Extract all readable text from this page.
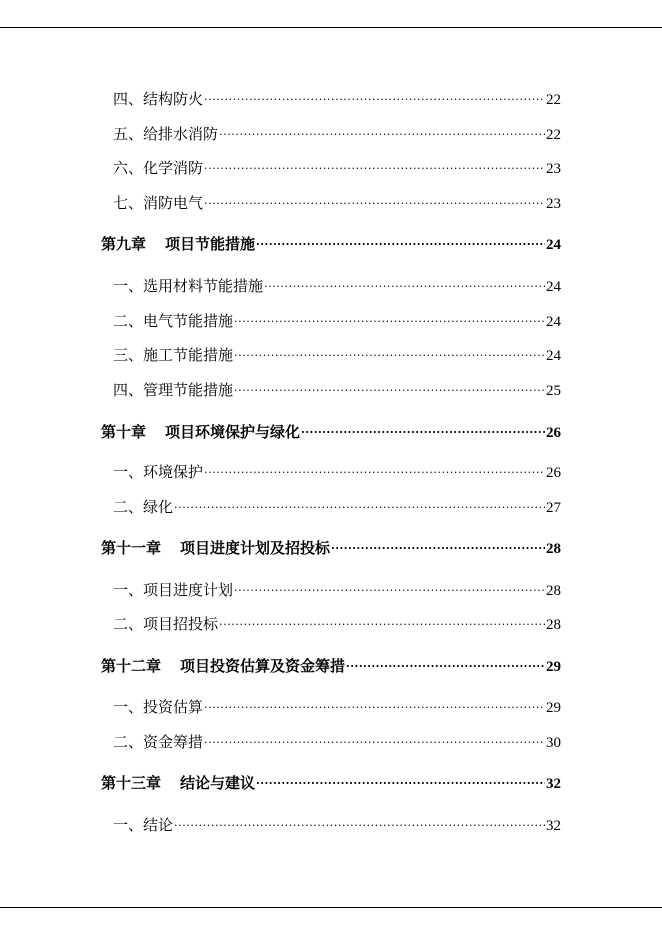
四、结构防火 .....	22
五、给排水消防 .....	22
六、化学消防 .....	23
七、消防电气 .....	23
第九章 项目节能措施 .....	24
一、选用材料节能措施 .....	24
二、电气节能措施 .....	24
三、施工节能措施 .....	24
四、管理节能措施 .....	25
第十章 项目环境保护与绿化 .....	26
一、环境保护 .....	26
二、绿化 .....	27
第十一章 项目进度计划及招投标 .....	28
一、项目进度计划 .....	28
二、项目招投标 .....	28
第十二章 项目投资估算及资金筹措 .....	29
一、投资估算 .....	29
二、资金筹措 .....	30
第十三章 结论与建议 .....	32
一、结论 .....	32
